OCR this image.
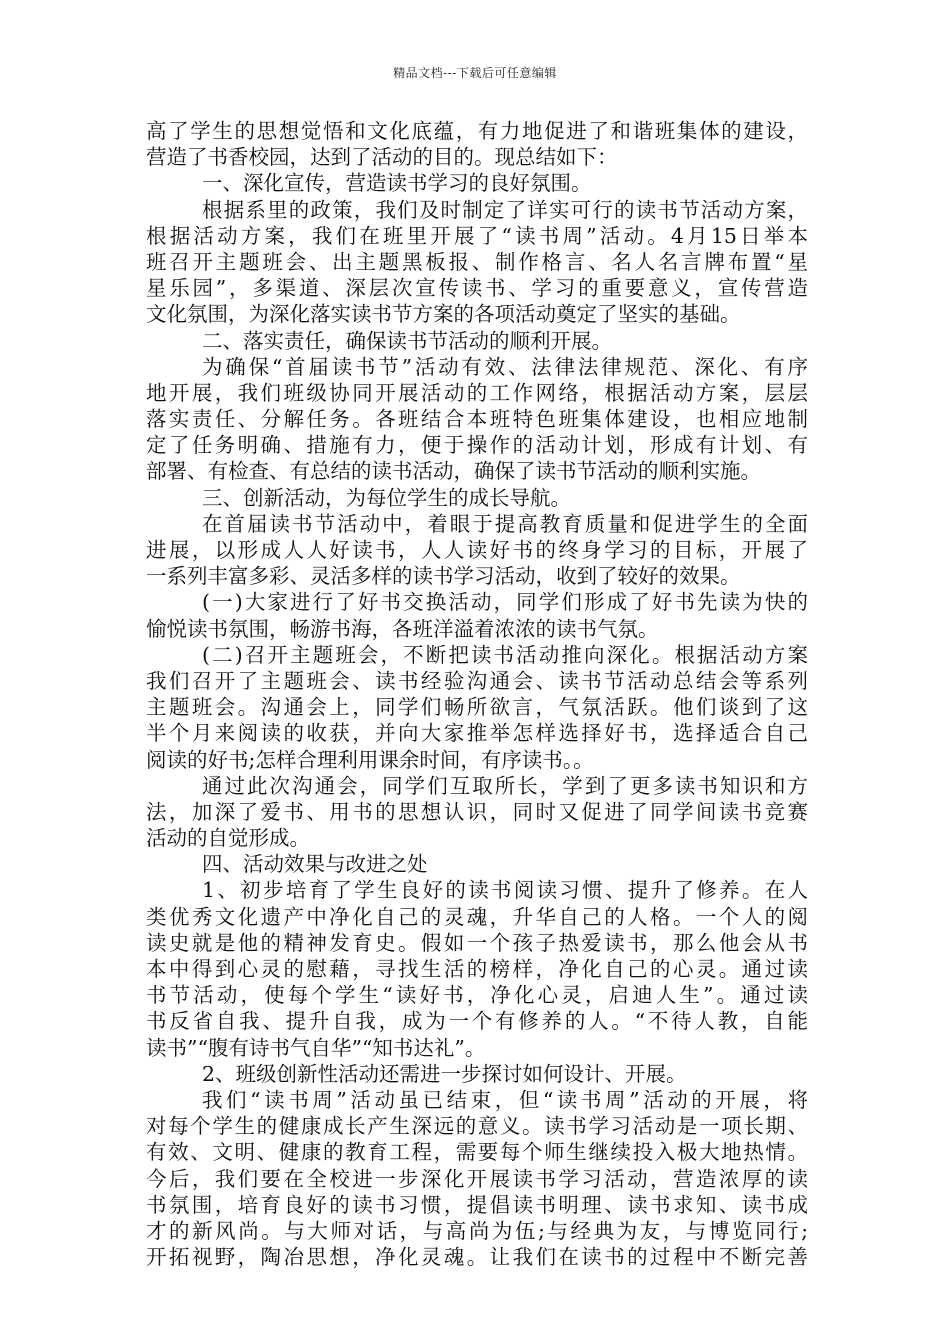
精品文档---下载后可任意编辑
高了学生的思想觉悟和文化底蕴，有力地促进了和谐班集体的建设，
营造了书香校园，达到了活动的目的。现总结如下：
一、深化宣传，营造读书学习的良好氛围。
根据系里的政策，我们及时制定了详实可行的读书节活动方案，
根据活动方案，我们在班里开展了“读书周”活动。4月15日举本
班召开主题班会、出主题黑板报、制作格言、名人名言牌布置“星
星乐园”，多渠道、深层次宣传读书、学习的重要意义，宣传营造
文化氛围，为深化落实读书节方案的各项活动奠定了坚实的基础。
二、落实责任，确保读书节活动的顺利开展。
为确保“首届读书节”活动有效、法律法律规范、深化、有序
地开展，我们班级协同开展活动的工作网络，根据活动方案，层层
落实责任、分解任务。各班结合本班特色班集体建设，也相应地制
定了任务明确、措施有力，便于操作的活动计划，形成有计划、有
部署、有检查、有总结的读书活动，确保了读书节活动的顺利实施。
三、创新活动，为每位学生的成长导航。
在首届读书节活动中，着眼于提高教育质量和促进学生的全面
进展，以形成人人好读书，人人读好书的终身学习的目标，开展了
一系列丰富多彩、灵活多样的读书学习活动，收到了较好的效果。
(一)大家进行了好书交换活动，同学们形成了好书先读为快的
愉悦读书氛围，畅游书海，各班洋溢着浓浓的读书气氛。
(二)召开主题班会，不断把读书活动推向深化。根据活动方案
我们召开了主题班会、读书经验沟通会、读书节活动总结会等系列
主题班会。沟通会上，同学们畅所欲言，气氛活跃。他们谈到了这
半个月来阅读的收获，并向大家推举怎样选择好书，选择适合自己
阅读的好书;怎样合理利用课余时间，有序读书。。
通过此次沟通会，同学们互取所长，学到了更多读书知识和方
法，加深了爱书、用书的思想认识，同时又促进了同学间读书竞赛
活动的自觉形成。
四、活动效果与改进之处
1、初步培育了学生良好的读书阅读习惯、提升了修养。在人
类优秀文化遗产中净化自己的灵魂，升华自己的人格。一个人的阅
读史就是他的精神发育史。假如一个孩子热爱读书，那么他会从书
本中得到心灵的慰藉，寻找生活的榜样，净化自己的心灵。通过读
书节活动，使每个学生“读好书，净化心灵，启迪人生”。通过读
书反省自我、提升自我，成为一个有修养的人。“不待人教，自能
读书”“腹有诗书气自华”“知书达礼”。
2、班级创新性活动还需进一步探讨如何设计、开展。
我们“读书周”活动虽已结束，但“读书周”活动的开展，将
对每个学生的健康成长产生深远的意义。读书学习活动是一项长期、
有效、文明、健康的教育工程，需要每个师生继续投入极大地热情。
今后，我们要在全校进一步深化开展读书学习活动，营造浓厚的读
书氛围，培育良好的读书习惯，提倡读书明理、读书求知、读书成
才的新风尚。与大师对话，与高尚为伍;与经典为友，与博览同行;
开拓视野，陶冶思想，净化灵魂。让我们在读书的过程中不断完善
